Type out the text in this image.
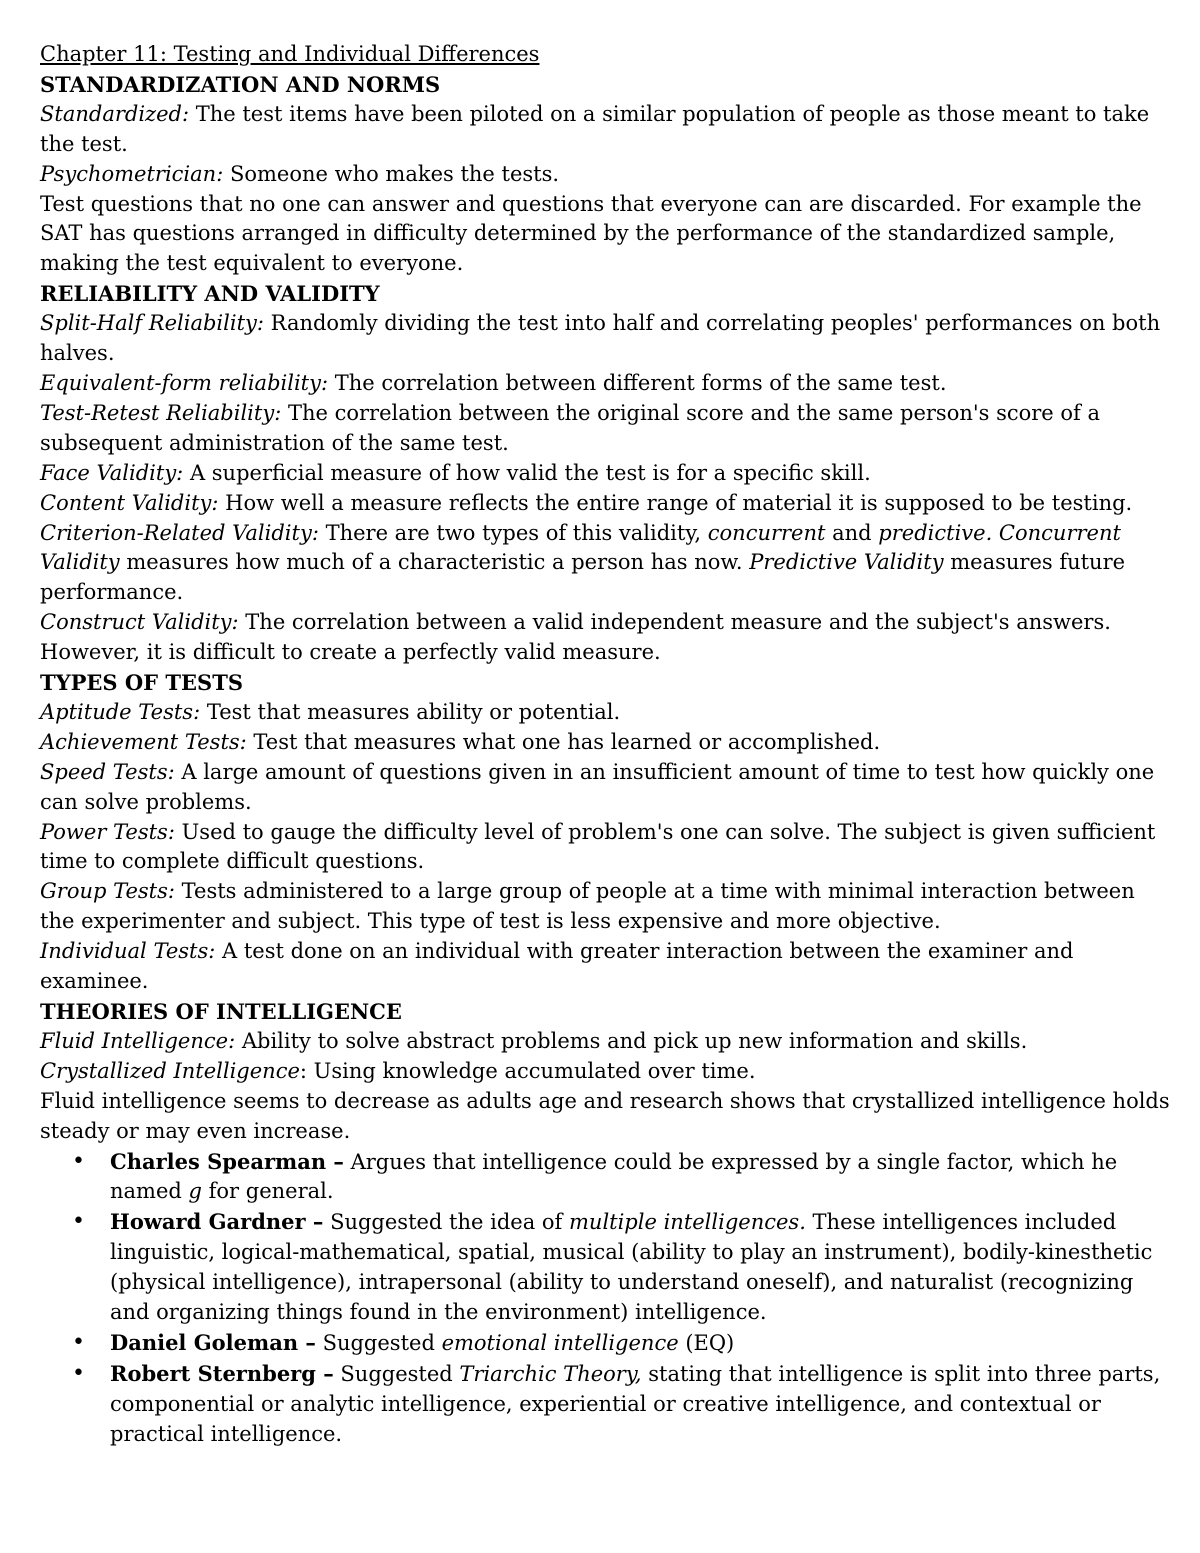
Chapter 11: Testing and Individual Differences
STANDARDIZATION AND NORMS

Standardized: The test items have been piloted on a similar population of people as those meant to take the test.

Psychometrician: Someone who makes the tests.

Test questions that no one can answer and questions that everyone can are discarded. For example the SAT has questions arranged in difficulty determined by the performance of the standardized sample, making the test equivalent to everyone.

RELIABILITY AND VALIDITY

Split-Half Reliability: Randomly dividing the test into half and correlating peoples' performances on both halves.

Equivalent-form reliability: The correlation between different forms of the same test.

Test-Retest Reliability: The correlation between the original score and the same person's score of a subsequent administration of the same test.

Face Validity: A superficial measure of how valid the test is for a specific skill.

Content Validity: How well a measure reflects the entire range of material it is supposed to be testing.

Criterion-Related Validity: There are two types of this validity, concurrent and predictive. Concurrent Validity measures how much of a characteristic a person has now. Predictive Validity measures future performance.

Construct Validity: The correlation between a valid independent measure and the subject's answers. However, it is difficult to create a perfectly valid measure.

TYPES OF TESTS

Aptitude Tests: Test that measures ability or potential.

Achievement Tests: Test that measures what one has learned or accomplished.

Speed Tests: A large amount of questions given in an insufficient amount of time to test how quickly one can solve problems.

Power Tests: Used to gauge the difficulty level of problem's one can solve. The subject is given sufficient time to complete difficult questions.

Group Tests: Tests administered to a large group of people at a time with minimal interaction between the experimenter and subject. This type of test is less expensive and more objective.

Individual Tests: A test done on an individual with greater interaction between the examiner and examinee.

THEORIES OF INTELLIGENCE

Fluid Intelligence: Ability to solve abstract problems and pick up new information and skills.

Crystallized Intelligence: Using knowledge accumulated over time.

Fluid intelligence seems to decrease as adults age and research shows that crystallized intelligence holds steady or may even increase.

• Charles Spearman – Argues that intelligence could be expressed by a single factor, which he named g for general.
• Howard Gardner – Suggested the idea of multiple intelligences. These intelligences included linguistic, logical-mathematical, spatial, musical (ability to play an instrument), bodily-kinesthetic (physical intelligence), intrapersonal (ability to understand oneself), and naturalist (recognizing and organizing things found in the environment) intelligence.
• Daniel Goleman – Suggested emotional intelligence (EQ)
• Robert Sternberg – Suggested Triarchic Theory, stating that intelligence is split into three parts, componential or analytic intelligence, experiential or creative intelligence, and contextual or practical intelligence.
